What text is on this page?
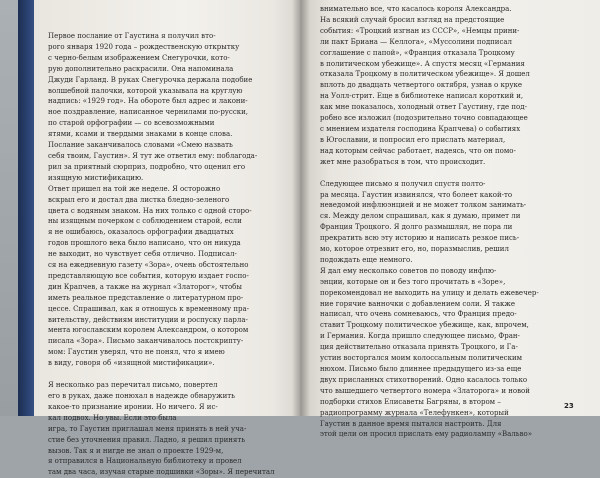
Первое послание от Гаустина я получил вто-

рого января 1920 года – рождественскую открытку

с черно-белым изображением Снегурочки, кото-

рую дополнительно раскрасили. Она напоминала

Джуди Гарланд. В руках Снегурочка держала подобие

волшебной палочки, которой указывала на круглую

надпись: «1929 год». На обороте был адрес и лакони-

ное поздравление, написанное чернилами по-русски,

по старой орфографии — со всевозможными

ятями, ксами и твердыми знаками в конце слова.

Послание заканчивалось словами «Смею назвать

себя твоим, Гаустин». Я тут же ответил ему: поблагода-

рил за приятный сюрприз, подробно, что оценил его

изящную мистификацию.

Ответ пришел на той же неделе. Я осторожно

вскрыл его и достал два листка бледно-зеленого

цвета с водяным знаком. На них только с одной сторо-

ны изящным почерком с соблюдением старой, если

я не ошибаюсь, оказалось орфографии двадцатых

годов прошлого века было написано, что он никуда

не выходит, но чувствует себя отлично. Подписал-

ся на ежедневную газету «Зора», очень обстоятельно

представляющую все события, которую издает госпо-

дин Крапчев, а также на журнал «Златорог», чтобы

иметь реальное представление о литературном про-

цессе. Спрашивал, как я отношусь к временному пра-

вительству, действиям институции и роспуску парла-

мента югославским королем Александром, о котором

писала «Зора». Письмо заканчивалось постскрипту-

мом: Гаустин уверял, что не понял, что я имею

в виду, говоря об «изящной мистификации».

Я несколько раз перечитал письмо, повертел

его в руках, даже понюхал в надежде обнаружить

какое-то признание иронии. Но ничего. Я ис-

кал подвох. Но увы. Если это была

игра, то Гаустин приглашал меня принять в ней уча-

стие без уточнения правил. Ладно, я решил принять

вызов. Так я и нигде не знал о проекте 1929-м,

я отправился в Национальную библиотеку и провел

там два часа, изучая старые подшивки «Зоры». Я перечитал

внимательно все, что касалось короля Александра.

На всякий случай бросил взгляд на предстоящие

события: «Троцкий изгнан из СССР», «Немцы прини-

ли пакт Бриана — Келлога», «Муссолини подписал

соглашение с папой», «Франция отказала Троцкому

в политическом убежище». А спустя месяц «Германия

отказала Троцкому в политическом убежище». Я дошел

вплоть до двадцать четвертого октября, узнав о круке

на Уолл-стрит. Еще в библиотеке написал короткий и,

как мне показалось, холодный ответ Гаустину, где под-

робно все изложил (подозрительно точно совпадающее

с мнением издателя господина Крапчева) о событиях

в Югославии, и попросил его прислать материал,

над которым сейчас работает, надеясь, что он помо-

жет мне разобраться в том, что происходит.

Следующее письмо я получил спустя полто-

ра месяца. Гаустин извинялся, что болеет какой-то

неведомой инфлюэнцией и не может толком занимать-

ся. Между делом спрашивал, как я думаю, примет ли

Франция Троцкого. Я долго размышлял, не пора ли

прекратить всю эту историю и написать резкое пись-

мо, которое отрезвит его, но, поразмыслив, решил

подождать еще немного.

Я дал ему несколько советов по поводу инфлю-

энции, которые он и без того прочитать в «Зоре»,

порекомендовал не выходить на улицу и делать ежевечер-

ние горячие ванночки с добавлением соли. Я также

написал, что очень сомневаюсь, что Франция предо-

ставит Троцкому политическое убежище, как, впрочем,

и Германия. Когда пришло следующее письмо, Фран-

ция действительно отказала принять Троцкого, и Га-

устин восторгался моим колоссальным политическим

нюхом. Письмо было длиннее предыдущего из-за еще

двух присланных стихотворений. Одно касалось только

что вышедшего четвертого номера «Златорога» и новой

подборки стихов Елисаветы Багряны, в втором –

радиопрограмму журнала «Телефункен», который

Гаустин в данное время пытался настроить. Для

этой цели он просил прислать ему радиолампу «Вальво»

23
